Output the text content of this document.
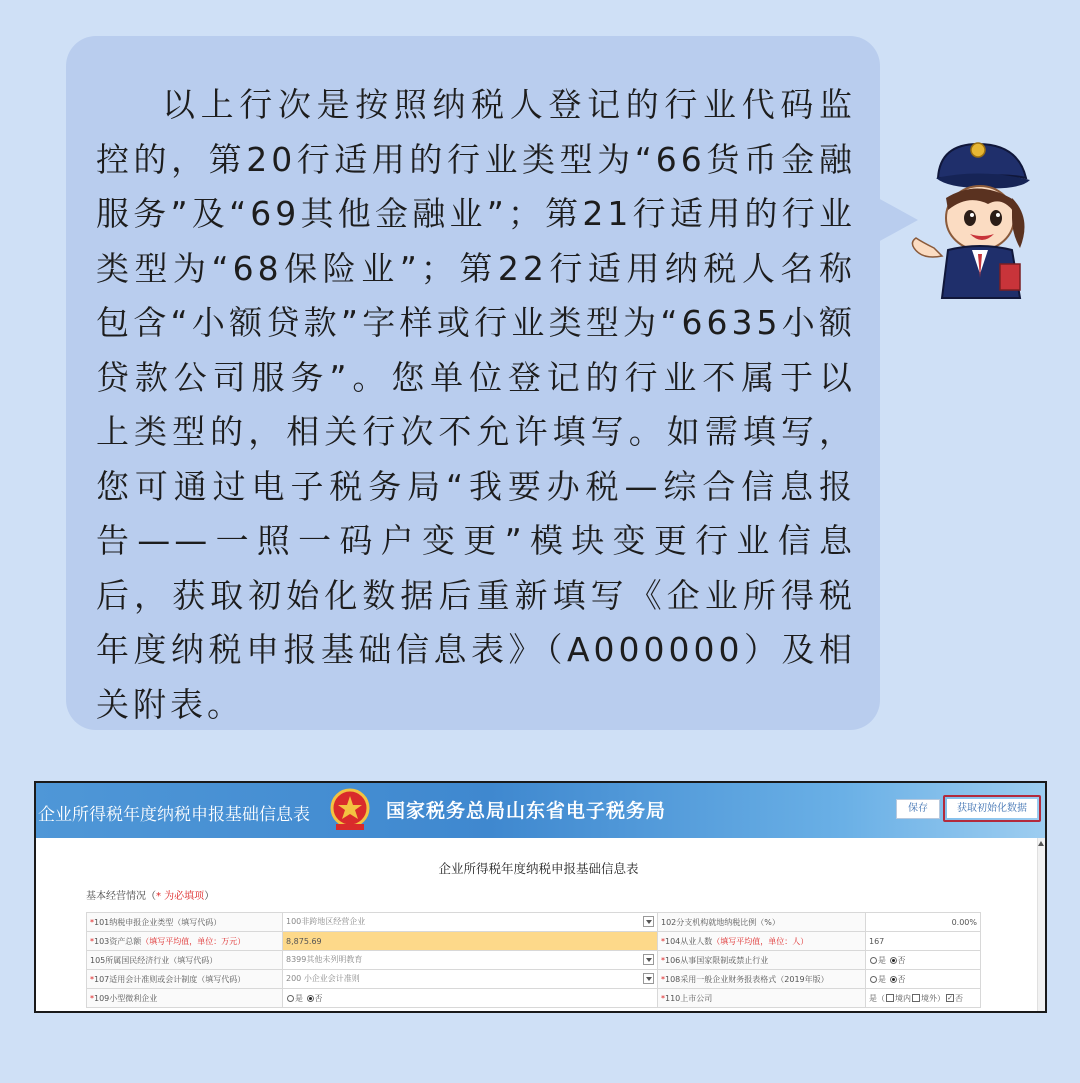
以上行次是按照纳税人登记的行业代码监控的，第20行适用的行业类型为“66货币金融服务”及“69其他金融业”；第21行适用的行业类型为“68保险业”；第22行适用纳税人名称包含“小额贷款”字样或行业类型为“6635小额贷款公司服务”。您单位登记的行业不属于以上类型的，相关行次不允许填写。如需填写，您可通过电子税务局“我要办税—综合信息报告——一照一码户变更”模块变更行业信息后，获取初始化数据后重新填写《企业所得税年度纳税申报基础信息表》（A000000）及相关附表。

企业所得税年度纳税申报基础信息表	国家税务总局山东省电子税务局	保存	获取初始化数据
企业所得税年度纳税申报基础信息表
基本经营情况（* 为必填项）
*101纳税申报企业类型（填写代码）	100非跨地区经营企业	102分支机构就地纳税比例（%）	0.00%
*103资产总额（填写平均值，单位：万元）	8,875.69	*104从业人数（填写平均值，单位：人）	167
105所属国民经济行业（填写代码）	8399其他未列明教育	*106从事国家限制或禁止行业	是 否
*107适用会计准则或会计制度（填写代码）	200 小企业会计准则	*108采用一般企业财务报表格式（2019年版）	是 否
*109小型微利企业	是 否	*110上市公司	是（ 境内 境外） ✓ 否
